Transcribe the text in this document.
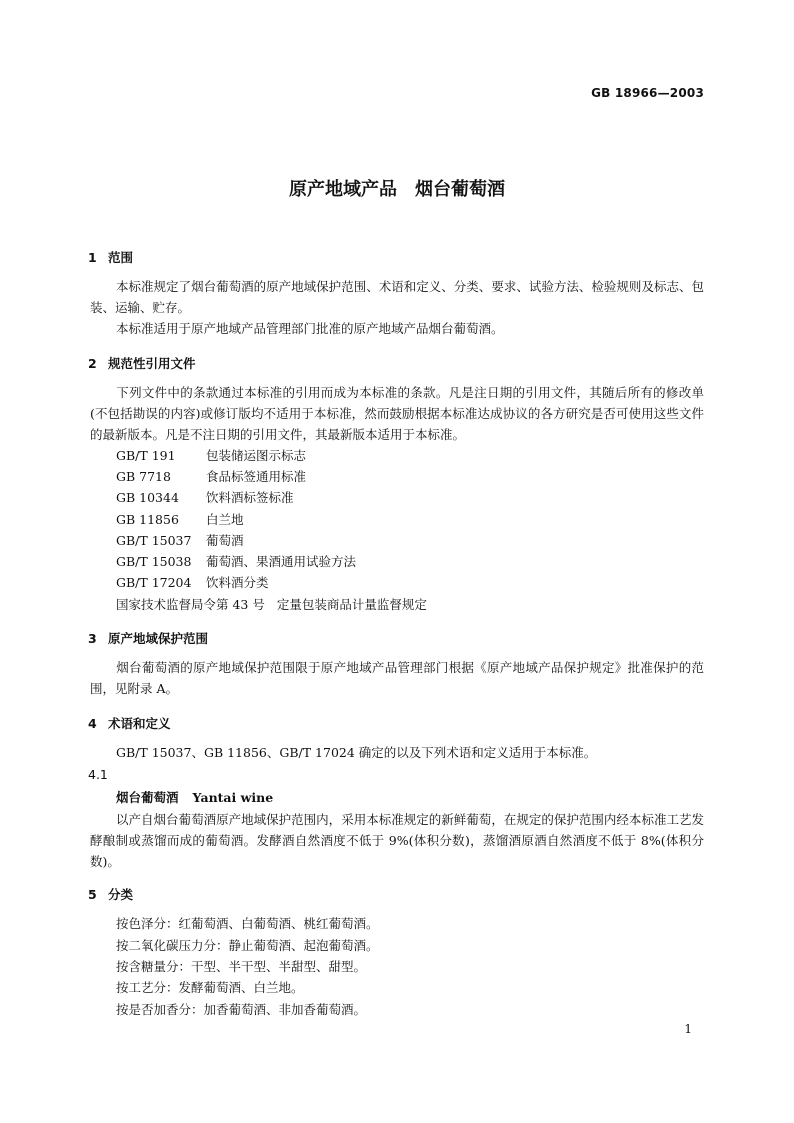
GB 18966—2003
原产地域产品　烟台葡萄酒
1 范围
本标准规定了烟台葡萄酒的原产地域保护范围、术语和定义、分类、要求、试验方法、检验规则及标志、包装、运输、贮存。
本标准适用于原产地域产品管理部门批准的原产地域产品烟台葡萄酒。
2 规范性引用文件
下列文件中的条款通过本标准的引用而成为本标准的条款。凡是注日期的引用文件，其随后所有的修改单(不包括勘误的内容)或修订版均不适用于本标准，然而鼓励根据本标准达成协议的各方研究是否可使用这些文件的最新版本。凡是不注日期的引用文件，其最新版本适用于本标准。
GB/T 191 包装储运图示标志
GB 7718	食品标签通用标准
GB 10344 饮料酒标签标准
GB 11856 白兰地
GB/T 15037 葡萄酒
GB/T 15038 葡萄酒、果酒通用试验方法
GB/T 17204 饮料酒分类
国家技术监督局令第 43 号 定量包装商品计量监督规定
3 原产地域保护范围
烟台葡萄酒的原产地域保护范围限于原产地域产品管理部门根据《原产地域产品保护规定》批准保护的范围，见附录 A。
4 术语和定义
GB/T 15037、GB 11856、GB/T 17024 确定的以及下列术语和定义适用于本标准。
4.1
烟台葡萄酒 Yantai wine
以产自烟台葡萄酒原产地域保护范围内，采用本标准规定的新鲜葡萄，在规定的保护范围内经本标准工艺发酵酿制或蒸馏而成的葡萄酒。发酵酒自然酒度不低于 9%(体积分数)，蒸馏酒原酒自然酒度不低于 8%(体积分数)。
5 分类
按色泽分：红葡萄酒、白葡萄酒、桃红葡萄酒。
按二氧化碳压力分：静止葡萄酒、起泡葡萄酒。
按含糖量分：干型、半干型、半甜型、甜型。
按工艺分：发酵葡萄酒、白兰地。
按是否加香分：加香葡萄酒、非加香葡萄酒。
1
